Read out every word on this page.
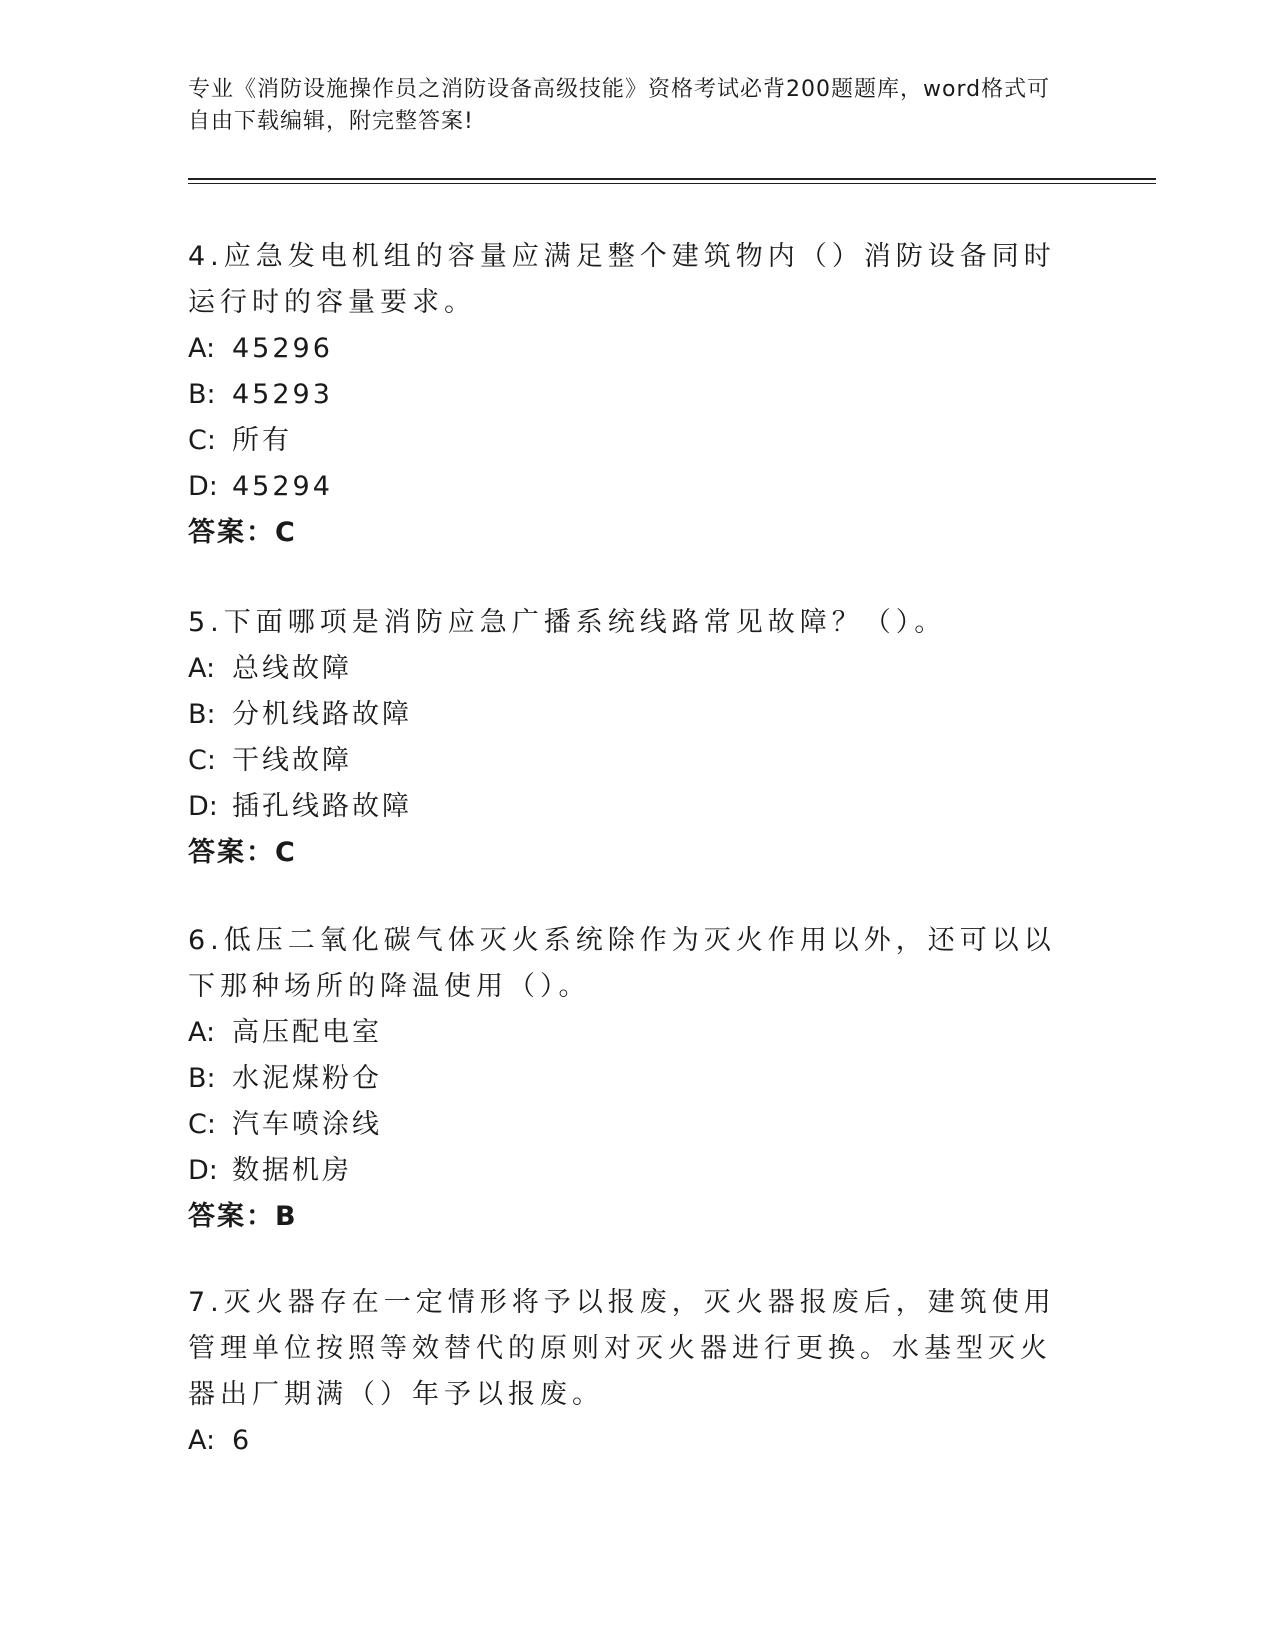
专业《消防设施操作员之消防设备高级技能》资格考试必背200题题库，word格式可自由下载编辑，附完整答案!

4.应急发电机组的容量应满足整个建筑物内（）消防设备同时运行时的容量要求。

A: 45296

B: 45293

C: 所有

D: 45294

答案：C

5.下面哪项是消防应急广播系统线路常见故障？（）。

A: 总线故障

B: 分机线路故障

C: 干线故障

D: 插孔线路故障

答案：C

6.低压二氧化碳气体灭火系统除作为灭火作用以外，还可以以下那种场所的降温使用（）。

A: 高压配电室

B: 水泥煤粉仓

C: 汽车喷涂线

D: 数据机房

答案：B

7.灭火器存在一定情形将予以报废，灭火器报废后，建筑使用管理单位按照等效替代的原则对灭火器进行更换。水基型灭火器出厂期满（）年予以报废。

A: 6
